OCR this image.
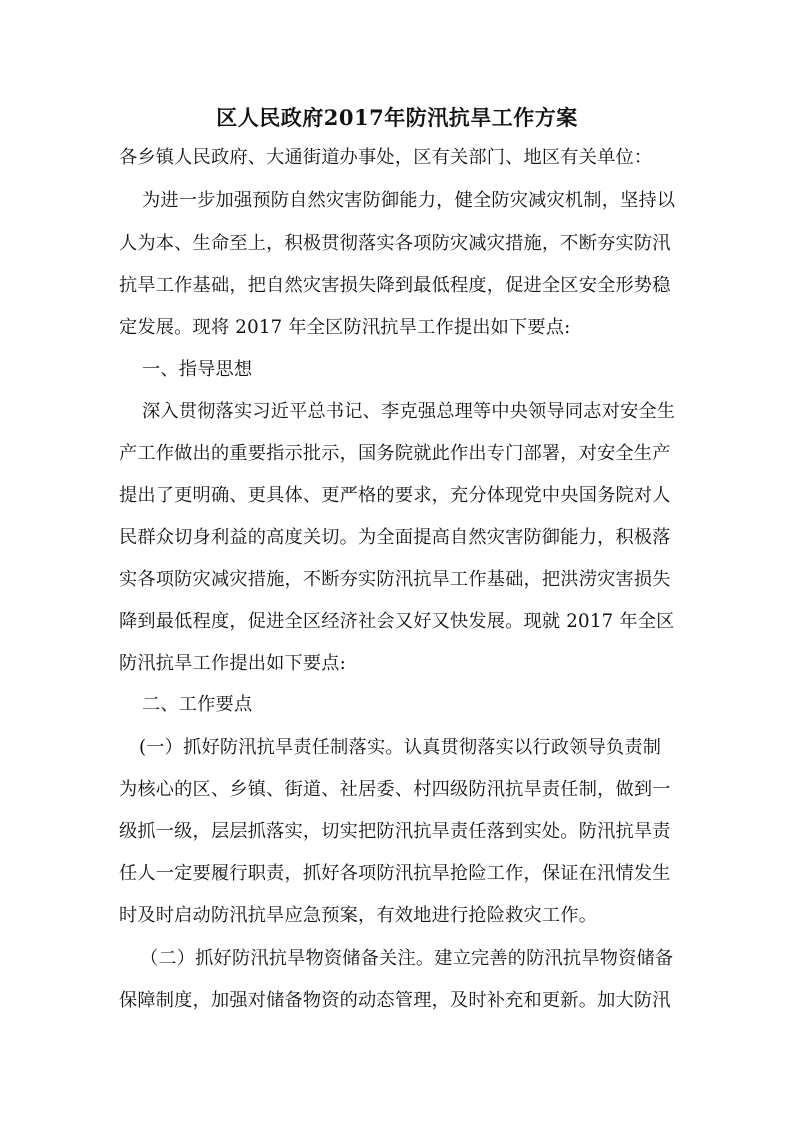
区人民政府2017年防汛抗旱工作方案
各乡镇人民政府、大通街道办事处，区有关部门、地区有关单位：
为进一步加强预防自然灾害防御能力，健全防灾减灾机制，坚持以
人为本、生命至上，积极贯彻落实各项防灾减灾措施，不断夯实防汛
抗旱工作基础，把自然灾害损失降到最低程度，促进全区安全形势稳
定发展。现将 2017 年全区防汛抗旱工作提出如下要点:
一、指导思想
深入贯彻落实习近平总书记、李克强总理等中央领导同志对安全生
产工作做出的重要指示批示，国务院就此作出专门部署，对安全生产
提出了更明确、更具体、更严格的要求，充分体现党中央国务院对人
民群众切身利益的高度关切。为全面提高自然灾害防御能力，积极落
实各项防灾减灾措施，不断夯实防汛抗旱工作基础，把洪涝灾害损失
降到最低程度，促进全区经济社会又好又快发展。现就 2017 年全区
防汛抗旱工作提出如下要点:
二、工作要点
(一）抓好防汛抗旱责任制落实。认真贯彻落实以行政领导负责制
为核心的区、乡镇、街道、社居委、村四级防汛抗旱责任制，做到一
级抓一级，层层抓落实，切实把防汛抗旱责任落到实处。防汛抗旱责
任人一定要履行职责，抓好各项防汛抗旱抢险工作，保证在汛情发生
时及时启动防汛抗旱应急预案，有效地进行抢险救灾工作。
（二）抓好防汛抗旱物资储备关注。建立完善的防汛抗旱物资储备
保障制度，加强对储备物资的动态管理，及时补充和更新。加大防汛
